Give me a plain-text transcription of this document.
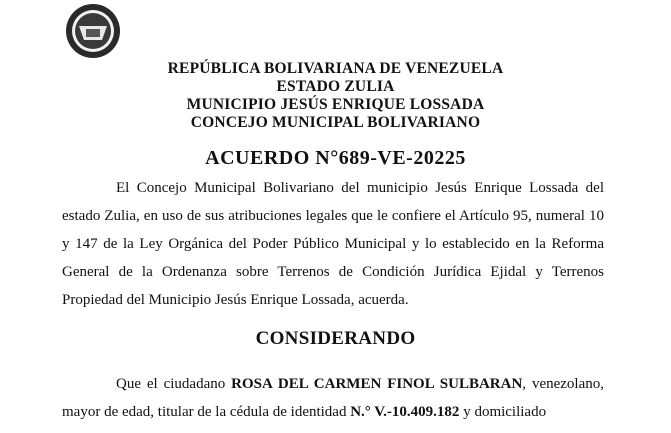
REPÚBLICA BOLIVARIANA DE VENEZUELA
ESTADO ZULIA
MUNICIPIO JESÚS ENRIQUE LOSSADA
CONCEJO MUNICIPAL BOLIVARIANO
ACUERDO N°689-VE-20225
El Concejo Municipal Bolivariano del municipio Jesús Enrique Lossada del estado Zulia, en uso de sus atribuciones legales que le confiere el Artículo 95, numeral 10 y 147 de la Ley Orgánica del Poder Público Municipal y lo establecido en la Reforma General de la Ordenanza sobre Terrenos de Condición Jurídica Ejidal y Terrenos Propiedad del Municipio Jesús Enrique Lossada, acuerda.
CONSIDERANDO
Que el ciudadano ROSA DEL CARMEN FINOL SULBARAN, venezolano, mayor de edad, titular de la cédula de identidad N.° V.-10.409.182 y domiciliado
